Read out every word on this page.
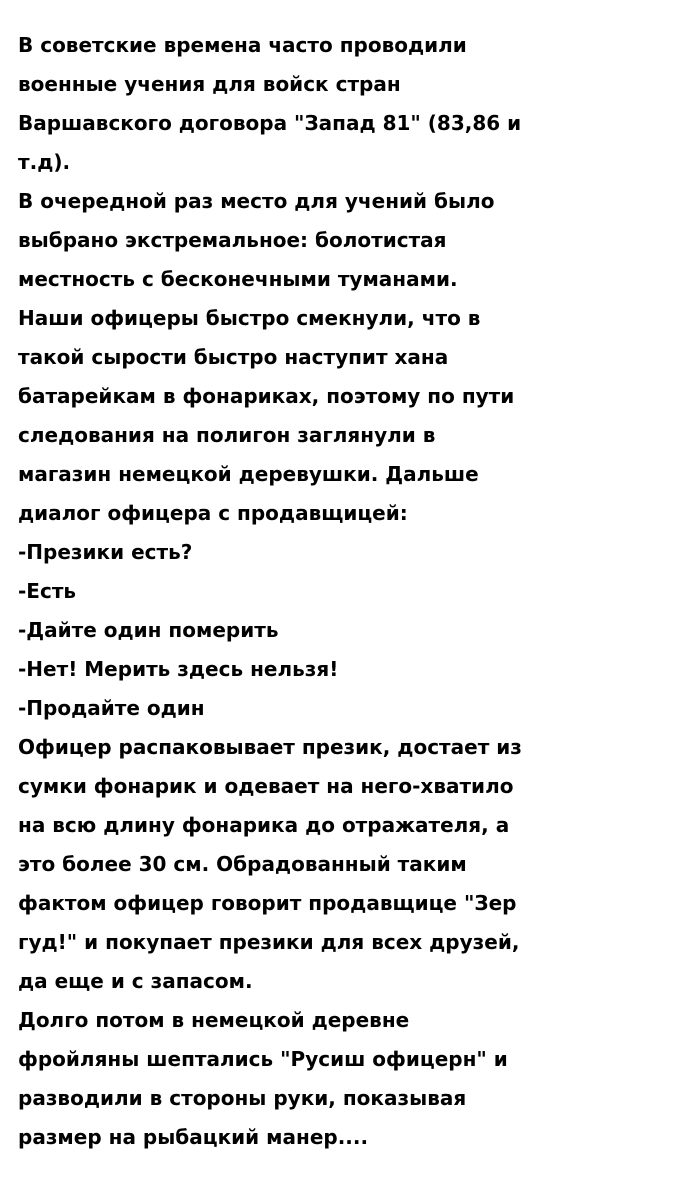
В советские времена часто проводили

военные учения для войск стран

Варшавского договора "Запад 81" (83,86 и

т.д).

В очередной раз место для учений было

выбрано экстремальное: болотистая

местность с бесконечными туманами.

Наши офицеры быстро смекнули, что в

такой сырости быстро наступит хана

батарейкам в фонариках, поэтому по пути

следования на полигон заглянули в

магазин немецкой деревушки. Дальше

диалог офицера с продавщицей:

-Презики есть?

-Есть

-Дайте один померить

-Нет! Мерить здесь нельзя!

-Продайте один

Офицер распаковывает презик, достает из

сумки фонарик и одевает на него-хватило

на всю длину фонарика до отражателя, а

это более 30 см. Обрадованный таким

фактом офицер говорит продавщице "Зер

гуд!" и покупает презики для всех друзей,

да еще и с запасом.

Долго потом в немецкой деревне

фройляны шептались "Русиш офицерн" и

разводили в стороны руки, показывая

размер на рыбацкий манер....
